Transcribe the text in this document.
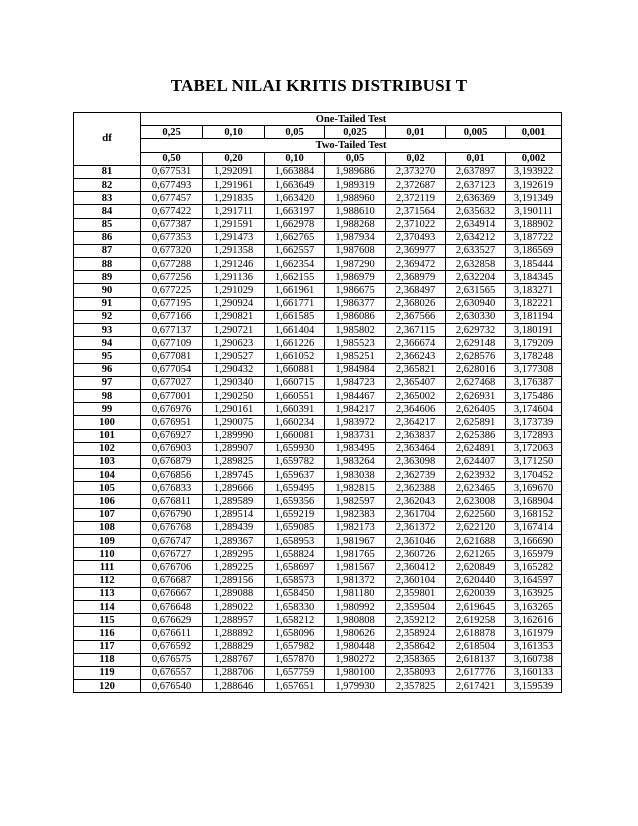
TABEL NILAI KRITIS DISTRIBUSI T
df	One-Tailed Test						
	0,25	0,10	0,05	0,025	0,01	0,005	0,001
	Two-Tailed Test						
	0,50	0,20	0,10	0,05	0,02	0,01	0,002
81	0,677531	1,292091	1,663884	1,989686	2,373270	2,637897	3,193922
82	0,677493	1,291961	1,663649	1,989319	2,372687	2,637123	3,192619
83	0,677457	1,291835	1,663420	1,988960	2,372119	2,636369	3,191349
84	0,677422	1,291711	1,663197	1,988610	2,371564	2,635632	3,190111
85	0,677387	1,291591	1,662978	1,988268	2,371022	2,634914	3,188902
86	0,677353	1,291473	1,662765	1,987934	2,370493	2,634212	3,187722
87	0,677320	1,291358	1,662557	1,987608	2,369977	2,633527	3,186569
88	0,677288	1,291246	1,662354	1,987290	2,369472	2,632858	3,185444
89	0,677256	1,291136	1,662155	1,986979	2,368979	2,632204	3,184345
90	0,677225	1,291029	1,661961	1,986675	2,368497	2,631565	3,183271
91	0,677195	1,290924	1,661771	1,986377	2,368026	2,630940	3,182221
92	0,677166	1,290821	1,661585	1,986086	2,367566	2,630330	3,181194
93	0,677137	1,290721	1,661404	1,985802	2,367115	2,629732	3,180191
94	0,677109	1,290623	1,661226	1,985523	2,366674	2,629148	3,179209
95	0,677081	1,290527	1,661052	1,985251	2,366243	2,628576	3,178248
96	0,677054	1,290432	1,660881	1,984984	2,365821	2,628016	3,177308
97	0,677027	1,290340	1,660715	1,984723	2,365407	2,627468	3,176387
98	0,677001	1,290250	1,660551	1,984467	2,365002	2,626931	3,175486
99	0,676976	1,290161	1,660391	1,984217	2,364606	2,626405	3,174604
100	0,676951	1,290075	1,660234	1,983972	2,364217	2,625891	3,173739
101	0,676927	1,289990	1,660081	1,983731	2,363837	2,625386	3,172893
102	0,676903	1,289907	1,659930	1,983495	2,363464	2,624891	3,172063
103	0,676879	1,289825	1,659782	1,983264	2,363098	2,624407	3,171250
104	0,676856	1,289745	1,659637	1,983038	2,362739	2,623932	3,170452
105	0,676833	1,289666	1,659495	1,982815	2,362388	2,623465	3,169670
106	0,676811	1,289589	1,659356	1,982597	2,362043	2,623008	3,168904
107	0,676790	1,289514	1,659219	1,982383	2,361704	2,622560	3,168152
108	0,676768	1,289439	1,659085	1,982173	2,361372	2,622120	3,167414
109	0,676747	1,289367	1,658953	1,981967	2,361046	2,621688	3,166690
110	0,676727	1,289295	1,658824	1,981765	2,360726	2,621265	3,165979
111	0,676706	1,289225	1,658697	1,981567	2,360412	2,620849	3,165282
112	0,676687	1,289156	1,658573	1,981372	2,360104	2,620440	3,164597
113	0,676667	1,289088	1,658450	1,981180	2,359801	2,620039	3,163925
114	0,676648	1,289022	1,658330	1,980992	2,359504	2,619645	3,163265
115	0,676629	1,288957	1,658212	1,980808	2,359212	2,619258	3,162616
116	0,676611	1,288892	1,658096	1,980626	2,358924	2,618878	3,161979
117	0,676592	1,288829	1,657982	1,980448	2,358642	2,618504	3,161353
118	0,676575	1,288767	1,657870	1,980272	2,358365	2,618137	3,160738
119	0,676557	1,288706	1,657759	1,980100	2,358093	2,617776	3,160133
120	0,676540	1,288646	1,657651	1,979930	2,357825	2,617421	3,159539
